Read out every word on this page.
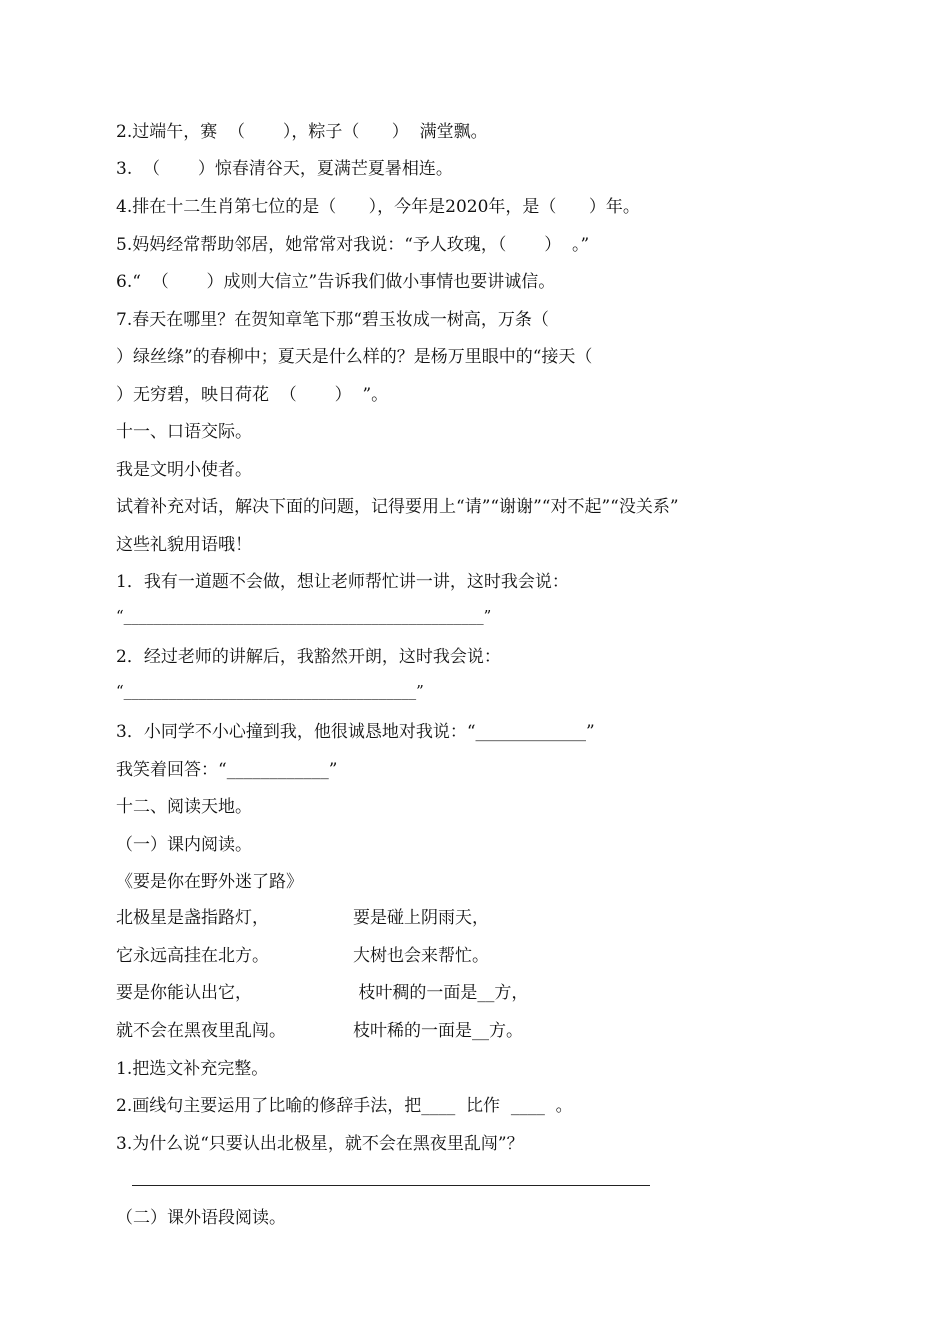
2.过端午，赛  （       ），粽子（      ）  满堂飘。
3.  （       ）惊春清谷天，夏满芒夏暑相连。
4.排在十二生肖第七位的是（      ），今年是2020年，是（      ）年。
5.妈妈经常帮助邻居，她常常对我说：“予人玫瑰，（       ）  。”
6.“  （       ）成则大信立”告诉我们做小事情也要讲诚信。
7.春天在哪里？在贺知章笔下那“碧玉妆成一树高，万条（
）绿丝绦”的春柳中；夏天是什么样的？是杨万里眼中的“接天（
）无穷碧，映日荷花  （       ）  ”。
十一、口语交际。
我是文明小使者。
试着补充对话，解决下面的问题，记得要用上“请”“谢谢”“对不起”“没关系”
这些礼貌用语哦！
1．我有一道题不会做，想让老师帮忙讲一讲，这时我会说：
“________________________________________________”
2．经过老师的讲解后，我豁然开朗，这时我会说：
“_______________________________________”
3．小同学不小心撞到我，他很诚恳地对我说：“_____________”
我笑着回答：“____________”
十二、阅读天地。
（一）课内阅读。
《要是你在野外迷了路》
北极星是盏指路灯，	要是碰上阴雨天，
它永远高挂在北方。	大树也会来帮忙。
要是你能认出它，	枝叶稠的一面是__方，
就不会在黑夜里乱闯。	枝叶稀的一面是__方。
1.把选文补充完整。
2.画线句主要运用了比喻的修辞手法，把____  比作  ____  。
3.为什么说“只要认出北极星，就不会在黑夜里乱闯”？
（二）课外语段阅读。
